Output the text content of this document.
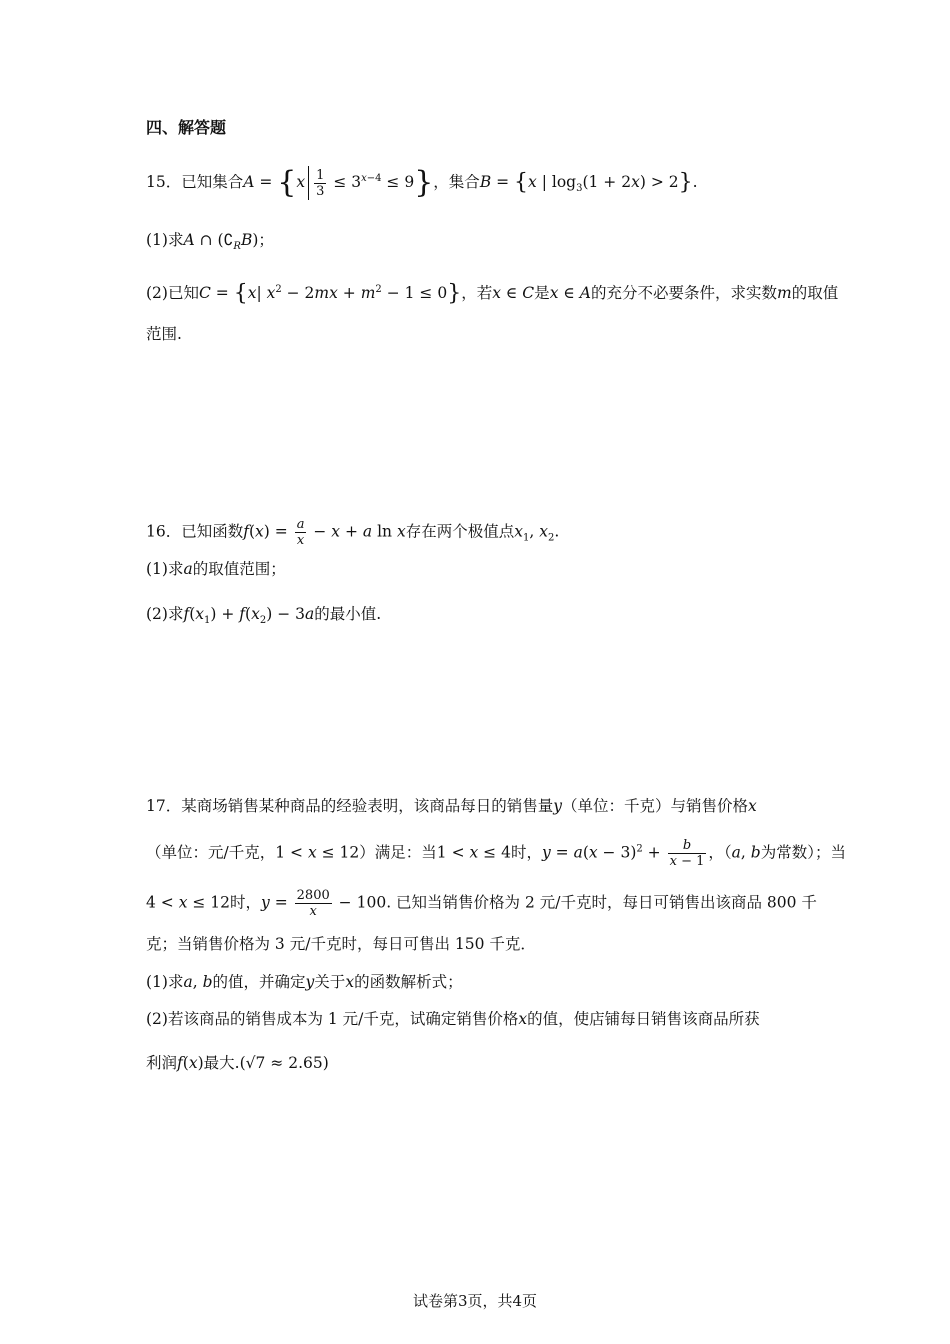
四、解答题
15．已知集合$A = \{x \frac{1}{3} \le 3^{x-4} \le 9\}$，集合B = {x | $\log_3(1 + 2x) > 2$}.
(1)求A ∩ $(∁_RB)$；
(2)已知C = {x| $x^2 - 2mx + m^2 - 1 \le 0$}，若x ∈ C是x ∈ A的充分不必要条件，求实数m的取值
范围.
16．已知函数$f(x) = \frac{a}{x} - x + a$ ln x存在两个极值点$x_1$, $x_2$.
(1)求a的取值范围；
(2)求$f(x_1) + f(x_2) - 3a$的最小值.
17．某商场销售某种商品的经验表明，该商品每日的销售量y（单位：千克）与销售价格x
（单位：元/千克，1 < x ≤ 12）满足：当1 < x ≤ 4时，$y = a(x - 3)^2 + \frac{b}{x - 1}$ ，（a, b为常数）；当
4 < x ≤ 12时，$y = \frac{2800}{x} - 100$. 已知当销售价格为 2 元/千克时，每日可销售出该商品 800 千
克；当销售价格为 3 元/千克时，每日可售出 150 千克．
(1)求a, b的值，并确定y关于x的函数解析式；
(2)若该商品的销售成本为 1 元/千克，试确定销售价格x的值，使店铺每日销售该商品所获
利润f(x)最大.(√7 ≈ 2.65)
试卷第3页，共4页
